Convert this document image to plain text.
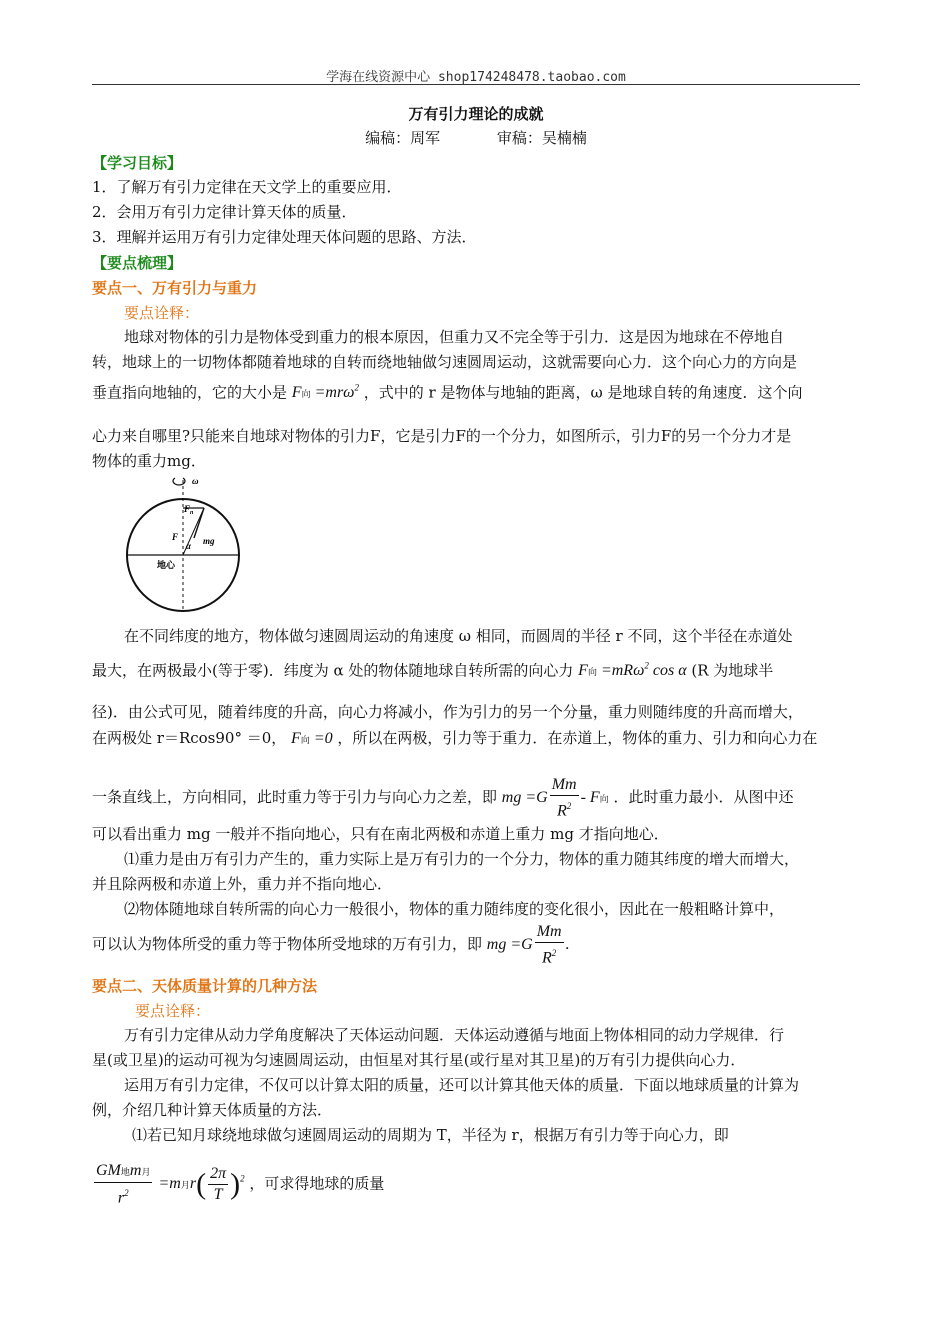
学海在线资源中心 shop174248478.taobao.com
万有引力理论的成就
编稿：周军	审稿：吴楠楠
【学习目标】
1．了解万有引力定律在天文学上的重要应用．
2．会用万有引力定律计算天体的质量．
3．理解并运用万有引力定律处理天体问题的思路、方法．
【要点梳理】
要点一、万有引力与重力
要点诠释：
地球对物体的引力是物体受到重力的根本原因，但重力又不完全等于引力．这是因为地球在不停地自
转，地球上的一切物体都随着地球的自转而绕地轴做匀速圆周运动，这就需要向心力．这个向心力的方向是
垂直指向地轴的，它的大小是 F向 =mrω$^2$ ，式中的 r 是物体与地轴的距离，ω 是地球自转的角速度．这个向
心力来自哪里?只能来自地球对物体的引力F，它是引力F的一个分力，如图所示，引力F的另一个分力才是
物体的重力mg．
ω
$F_n$
F	mg
α
地心
在不同纬度的地方，物体做匀速圆周运动的角速度 ω 相同，而圆周的半径 r 不同，这个半径在赤道处
最大，在两极最小(等于零)．纬度为 α 处的物体随地球自转所需的向心力 F向 =mRω$^2$ cos α (R 为地球半
径)．由公式可见，随着纬度的升高，向心力将减小，作为引力的另一个分量，重力则随纬度的升高而增大，
在两极处 r＝Rcos90° ＝0， F向 =0 ，所以在两极，引力等于重力．在赤道上，物体的重力、引力和向心力在
一条直线上，方向相同，此时重力等于引力与向心力之差，即 mg $=G \frac{Mm}{R^2} - F$向 ．此时重力最小．从图中还
可以看出重力 mg 一般并不指向地心，只有在南北两极和赤道上重力 mg 才指向地心．
⑴重力是由万有引力产生的，重力实际上是万有引力的一个分力，物体的重力随其纬度的增大而增大，
并且除两极和赤道上外，重力并不指向地心．
⑵物体随地球自转所需的向心力一般很小，物体的重力随纬度的变化很小，因此在一般粗略计算中，
可以认为物体所受的重力等于物体所受地球的万有引力，即 mg $=G \frac{Mm}{R^2}$ .
要点二、天体质量计算的几种方法
要点诠释：
万有引力定律从动力学角度解决了天体运动问题．天体运动遵循与地面上物体相同的动力学规律．行
星(或卫星)的运动可视为匀速圆周运动，由恒星对其行星(或行星对其卫星)的万有引力提供向心力．
运用万有引力定律，不仅可以计算太阳的质量，还可以计算其他天体的质量．下面以地球质量的计算为
例，介绍几种计算天体质量的方法．
⑴若已知月球绕地球做匀速圆周运动的周期为 T，半径为 r，根据万有引力等于向心力，即
$\frac{\text{GM地m月}}{r^2} =m$月$r( \frac{2\pi}{T} )^2$ ，可求得地球的质量
